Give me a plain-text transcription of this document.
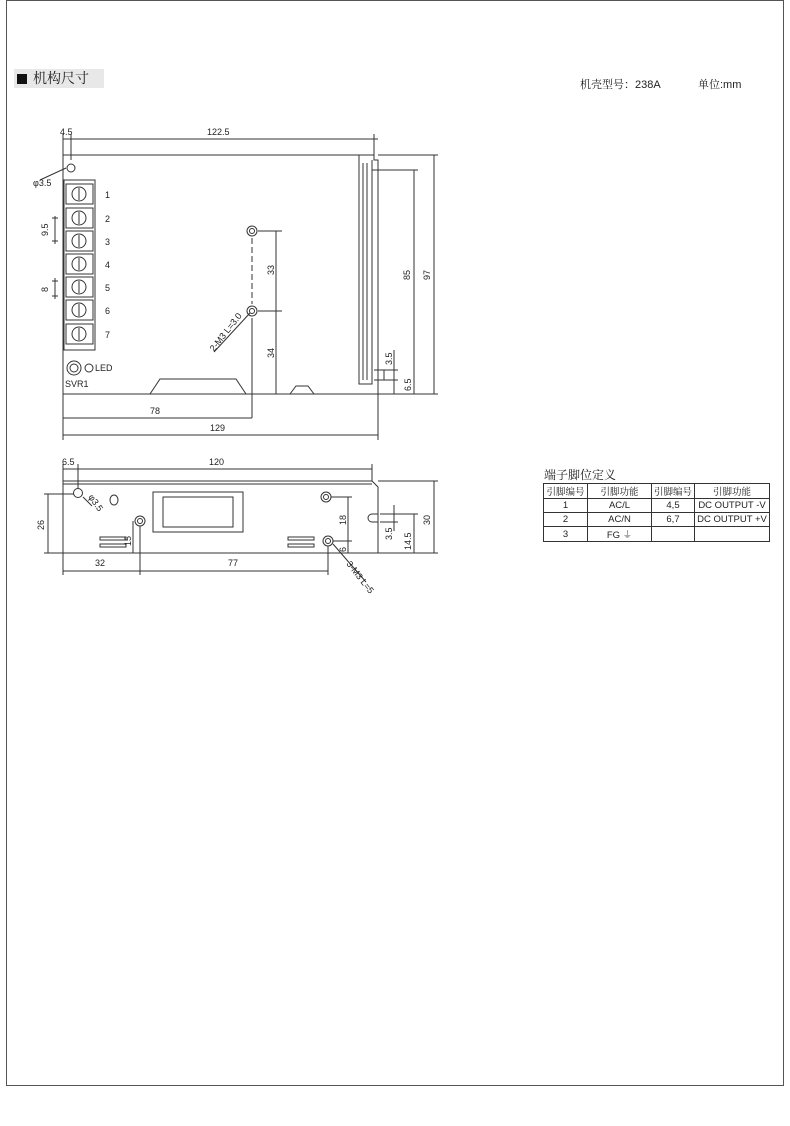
机构尺寸	机壳型号：238A	单位:mm
1
2
3
4
5
6
7
LED
SVR1
4.5	122.5
φ3.5
78
129
9.5
8
33
34
85 97
3.5
6.5
2-M3 L=3.0
6.5	120
32	77
26
15
18
6
3.5 14.5
30
φ3.5
3-M3 L=5
端子脚位定义
引脚编号	引脚功能	引脚编号	引脚功能
1	AC/L	4,5	DC OUTPUT -V
2	AC/N	6,7	DC OUTPUT +V
3	FG ⏚		
